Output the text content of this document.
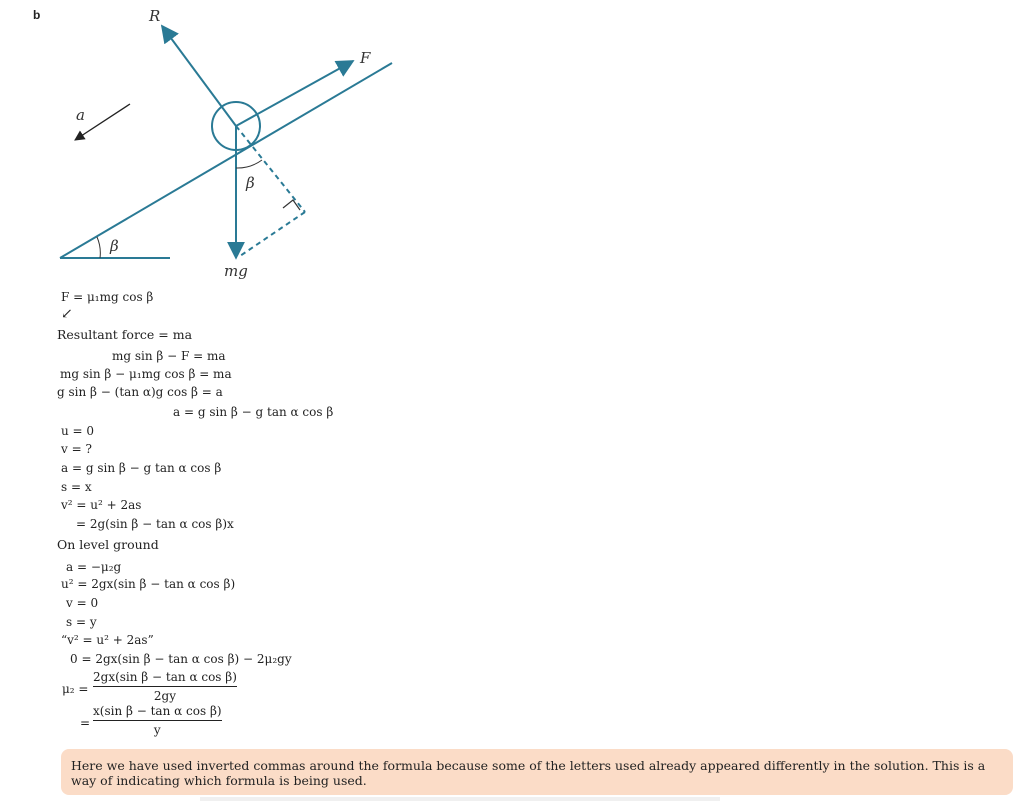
b	R
F
a
β
β
mg
F = μ₁mg cos β
↙
Resultant force = ma
mg sin β − F = ma
mg sin β − μ₁mg cos β = ma
g sin β − (tan α)g cos β = a
a = g sin β − g tan α cos β
u = 0
v = ?
a = g sin β − g tan α cos β
s = x
v² = u² + 2as
= 2g(sin β − tan α cos β)x
On level ground
a = −μ₂g
u² = 2gx(sin β − tan α cos β)
v = 0
s = y
“v² = u² + 2as”
0 = 2gx(sin β − tan α cos β) − 2μ₂gy
μ₂ =
2gx(sin β − tan α cos β)
2gy
=
x(sin β − tan α cos β)
y
Here we have used inverted commas around the formula because some of the letters used already appeared differently in the solution. This is a way of indicating which formula is being used.
